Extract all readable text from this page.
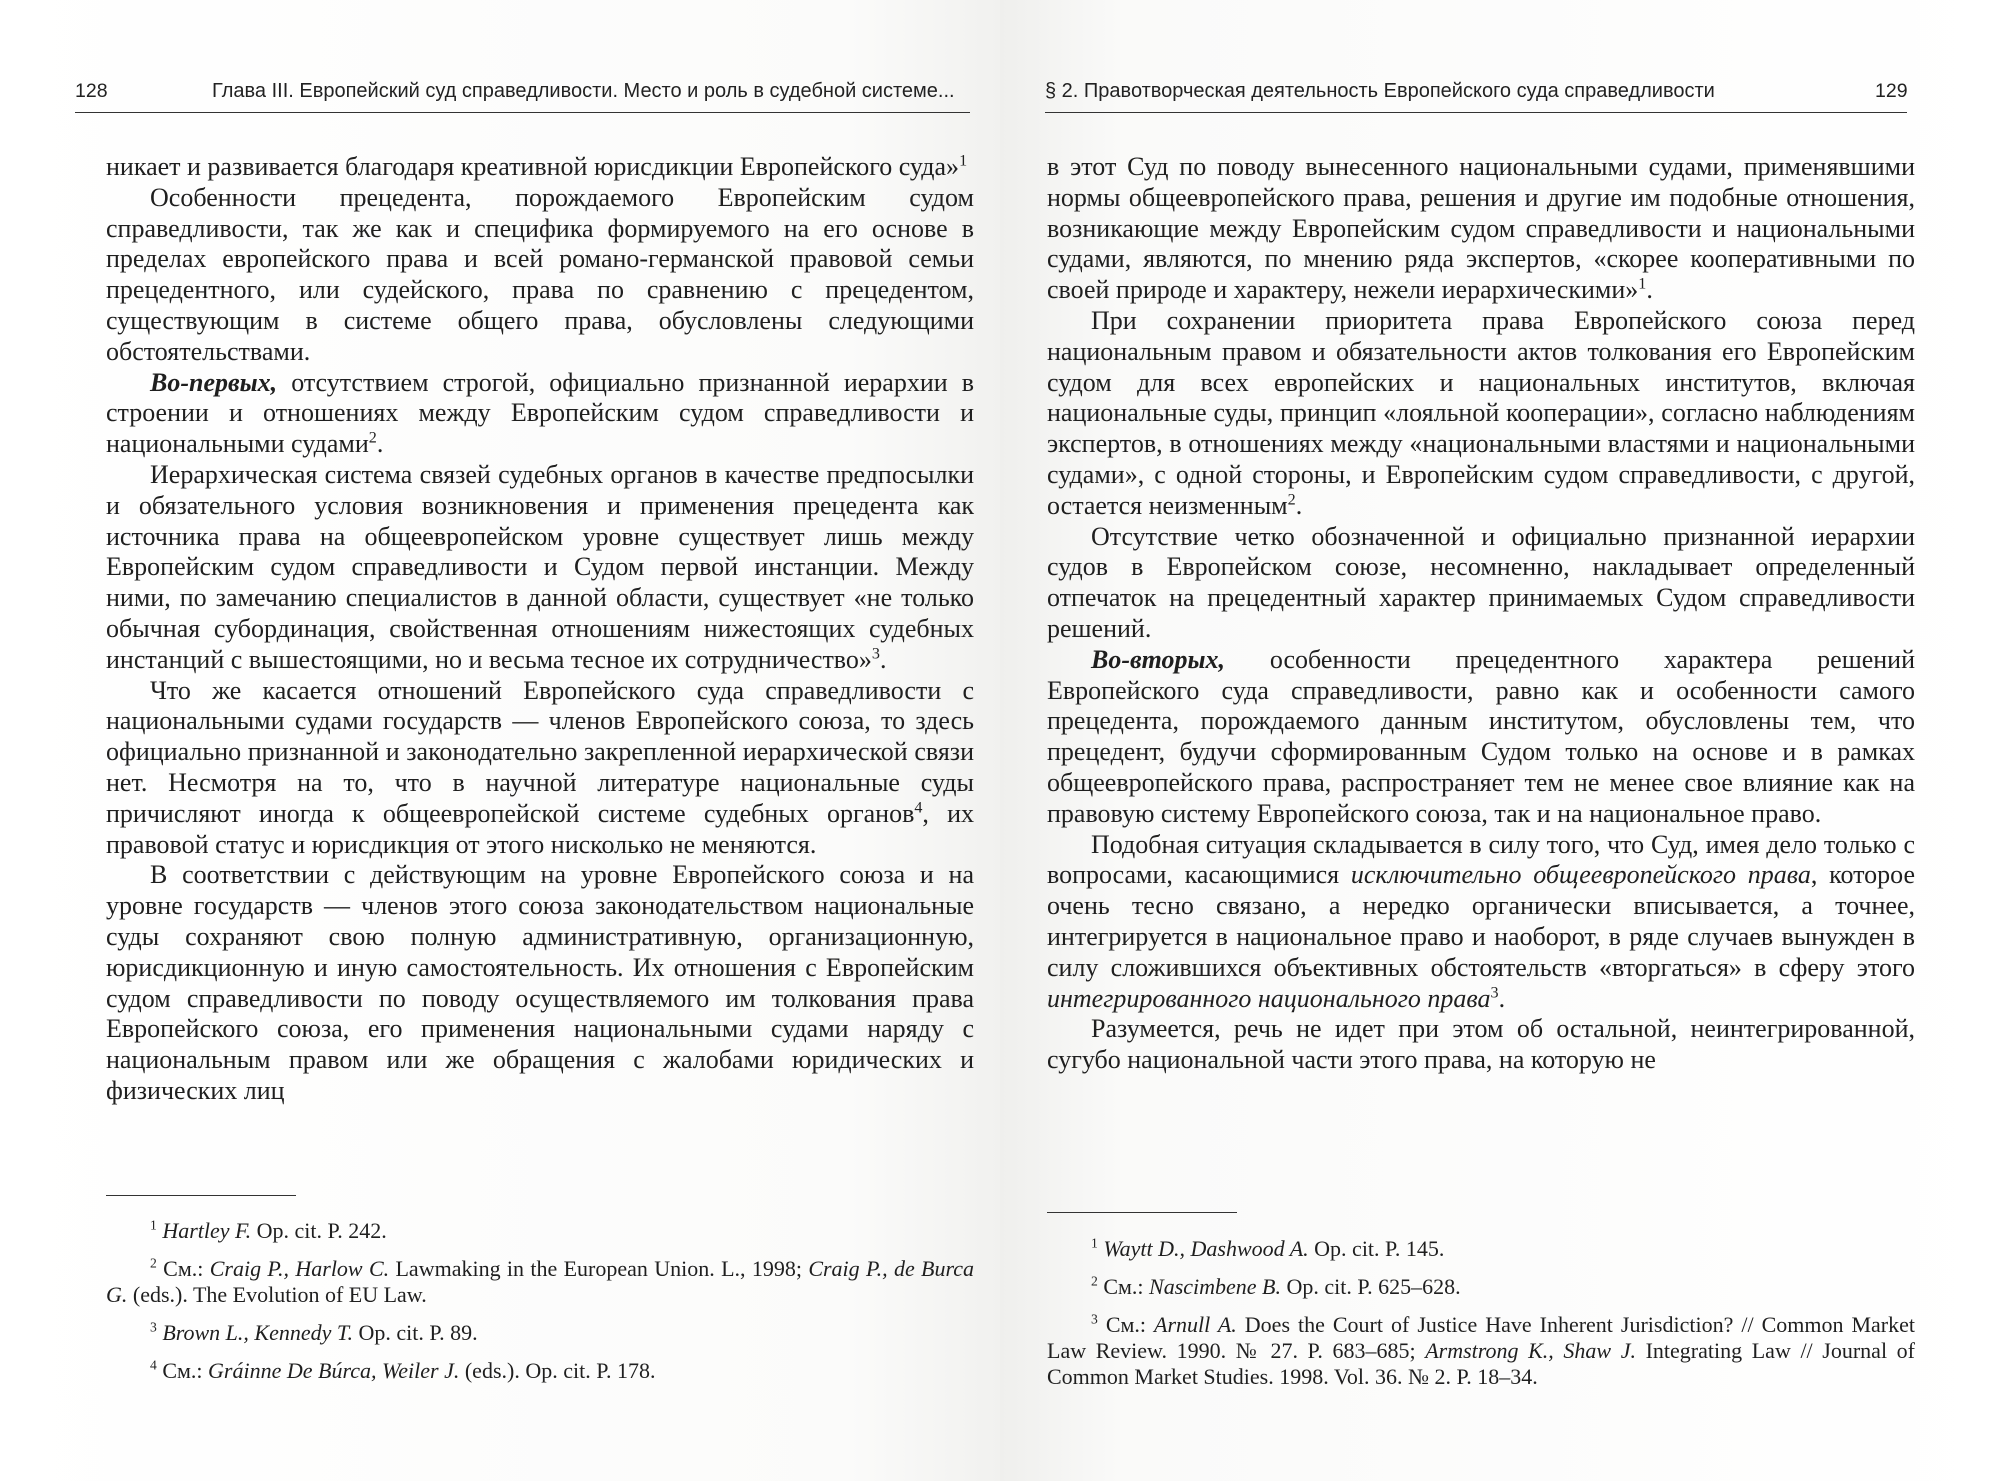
128	Глава III. Европейский суд справедливости. Место и роль в судебной системе...

никает и развивается благодаря креативной юрисдикции Европейского суда»$^1$

Особенности прецедента, порождаемого Европейским судом справедливости, так же как и специфика формируемого на его основе в пределах европейского права и всей романо-германской правовой семьи прецедентного, или судейского, права по сравнению с прецедентом, существующим в системе общего права, обусловлены следующими обстоятельствами.

Во-первых, отсутствием строгой, официально признанной иерархии в строении и отношениях между Европейским судом справедливости и национальными судами$^2$.

Иерархическая система связей судебных органов в качестве предпосылки и обязательного условия возникновения и применения прецедента как источника права на общеевропейском уровне существует лишь между Европейским судом справедливости и Судом первой инстанции. Между ними, по замечанию специалистов в данной области, существует «не только обычная субординация, свойственная отношениям нижестоящих судебных инстанций с вышестоящими, но и весьма тесное их сотрудничество»$^3$.

Что же касается отношений Европейского суда справедливости с национальными судами государств — членов Европейского союза, то здесь официально признанной и законодательно закрепленной иерархической связи нет. Несмотря на то, что в научной литературе национальные суды причисляют иногда к общеевропейской системе судебных органов$^4$, их правовой статус и юрисдикция от этого нисколько не меняются.

В соответствии с действующим на уровне Европейского союза и на уровне государств — членов этого союза законодательством национальные суды сохраняют свою полную административную, организационную, юрисдикционную и иную самостоятельность. Их отношения с Европейским судом справедливости по поводу осуществляемого им толкования права Европейского союза, его применения национальными судами наряду с национальным правом или же обращения с жалобами юридических и физических лиц

$^1$ Hartley F. Op. cit. P. 242.

$^2$ См.: Craig P., Harlow C. Lawmaking in the European Union. L., 1998; Craig P., de Burca G. (eds.). The Evolution of EU Law.

$^3$ Brown L., Kennedy T. Op. cit. P. 89.

$^4$ См.: Gráinne De Búrca, Weiler J. (eds.). Op. cit. P. 178.

§ 2. Правотворческая деятельность Европейского суда справедливости	129

в этот Суд по поводу вынесенного национальными судами, применявшими нормы общеевропейского права, решения и другие им подобные отношения, возникающие между Европейским судом справедливости и национальными судами, являются, по мнению ряда экспертов, «скорее кооперативными по своей природе и характеру, нежели иерархическими»$^1$.

При сохранении приоритета права Европейского союза перед национальным правом и обязательности актов толкования его Европейским судом для всех европейских и национальных институтов, включая национальные суды, принцип «лояльной кооперации», согласно наблюдениям экспертов, в отношениях между «национальными властями и национальными судами», с одной стороны, и Европейским судом справедливости, с другой, остается неизменным$^2$.

Отсутствие четко обозначенной и официально признанной иерархии судов в Европейском союзе, несомненно, накладывает определенный отпечаток на прецедентный характер принимаемых Судом справедливости решений.

Во-вторых, особенности прецедентного характера решений Европейского суда справедливости, равно как и особенности самого прецедента, порождаемого данным институтом, обусловлены тем, что прецедент, будучи сформированным Судом только на основе и в рамках общеевропейского права, распространяет тем не менее свое влияние как на правовую систему Европейского союза, так и на национальное право.

Подобная ситуация складывается в силу того, что Суд, имея дело только с вопросами, касающимися исключительно общеевропейского права, которое очень тесно связано, а нередко органически вписывается, а точнее, интегрируется в национальное право и наоборот, в ряде случаев вынужден в силу сложившихся объективных обстоятельств «вторгаться» в сферу этого интегрированного национального права$^3$.

Разумеется, речь не идет при этом об остальной, неинтегрированной, сугубо национальной части этого права, на которую не

$^1$ Waytt D., Dashwood A. Op. cit. P. 145.

$^2$ См.: Nascimbene B. Op. cit. P. 625–628.

$^3$ См.: Arnull A. Does the Court of Justice Have Inherent Jurisdiction? // Common Market Law Review. 1990. № 27. P. 683–685; Armstrong K., Shaw J. Integrating Law // Journal of Common Market Studies. 1998. Vol. 36. № 2. P. 18–34.
